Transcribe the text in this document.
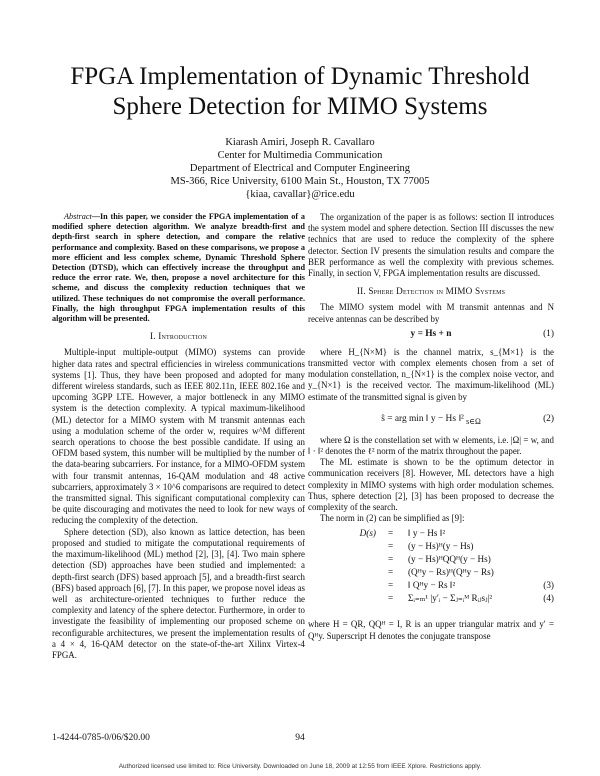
FPGA Implementation of Dynamic Threshold
Sphere Detection for MIMO Systems
Kiarash Amiri, Joseph R. Cavallaro
Center for Multimedia Communication
Department of Electrical and Computer Engineering
MS-366, Rice University, 6100 Main St., Houston, TX 77005
{kiaa, cavallar}@rice.edu

Abstract—In this paper, we consider the FPGA implementation of a modified sphere detection algorithm. We analyze breadth-first and depth-first search in sphere detection, and compare the relative performance and complexity. Based on these comparisons, we propose a more efficient and less complex scheme, Dynamic Threshold Sphere Detection (DTSD), which can effectively increase the throughput and reduce the error rate. We, then, propose a novel architecture for this scheme, and discuss the complexity reduction techniques that we utilized. These techniques do not compromise the overall performance. Finally, the high throughput FPGA implementation results of this algorithm will be presented.

I. Introduction

Multiple-input multiple-output (MIMO) systems can provide higher data rates and spectral efficiencies in wireless communications systems [1]. Thus, they have been proposed and adopted for many different wireless standards, such as IEEE 802.11n, IEEE 802.16e and upcoming 3GPP LTE. However, a major bottleneck in any MIMO system is the detection complexity. A typical maximum-likelihood (ML) detector for a MIMO system with M transmit antennas each using a modulation scheme of the order w, requires w^M different search operations to choose the best possible candidate. If using an OFDM based system, this number will be multiplied by the number of the data-bearing subcarriers. For instance, for a MIMO-OFDM system with four transmit antennas, 16-QAM modulation and 48 active subcarriers, approximately 3 × 10^6 comparisons are required to detect the transmitted signal. This significant computational complexity can be quite discouraging and motivates the need to look for new ways of reducing the complexity of the detection.

Sphere detection (SD), also known as lattice detection, has been proposed and studied to mitigate the computational requirements of the maximum-likelihood (ML) method [2], [3], [4]. Two main sphere detection (SD) approaches have been studied and implemented: a depth-first search (DFS) based approach [5], and a breadth-first search (BFS) based approach [6], [7]. In this paper, we propose novel ideas as well as architecture-oriented techniques to further reduce the complexity and latency of the sphere detector. Furthermore, in order to investigate the feasibility of implementing our proposed scheme on reconfigurable architectures, we present the implementation results of a 4 × 4, 16-QAM detector on the state-of-the-art Xilinx Virtex-4 FPGA.

The organization of the paper is as follows: section II introduces the system model and sphere detection. Section III discusses the new technics that are used to reduce the complexity of the sphere detector. Section IV presents the simulation results and compare the BER performance as well the complexity with previous schemes. Finally, in section V, FPGA implementation results are discussed.

II. Sphere Detection in MIMO Systems

The MIMO system model with M transmit antennas and N receive antennas can be described by

y = Hs + n	(1)

where H_{N×M} is the channel matrix, s_{M×1} is the transmitted vector with complex elements chosen from a set of modulation constellation, n_{N×1} is the complex noise vector, and y_{N×1} is the received vector. The maximum-likelihood (ML) estimate of the transmitted signal is given by

ŝ = arg min ‖ y − Hs ‖² $_{s\in\Omega}$	(2)

where Ω is the constellation set with w elements, i.e. |Ω| = w, and ‖ · ‖² denotes the ℓ² norm of the matrix throughout the paper.

The ML estimate is shown to be the optimum detector in communication receivers [8]. However, ML detectors have a high complexity in MIMO systems with high order modulation schemes. Thus, sphere detection [2], [3] has been proposed to decrease the complexity of the search.

The norm in (2) can be simplified as [9]:

D(s) = ‖ y − Hs ‖²
= (y − Hs)ᴴ(y − Hs)
= (y − Hs)ᴴQQᴴ(y − Hs)
= (Qᴴy − Rs)ᴴ(Qᴴy − Rs)
= ‖ Qᴴy − Rs ‖²	(3)
= Σᵢ₌ₘ¹ |y′ᵢ − Σⱼ₌ᵢᴹ Rᵢⱼsⱼ|²	(4)

where H = QR, QQᴴ = I, R is an upper triangular matrix and y′ = Qᴴy. Superscript H denotes the conjugate transpose

1-4244-0785-0/06/$20.00	94
Authorized licensed use limited to: Rice University. Downloaded on June 18, 2009 at 12:55 from IEEE Xplore. Restrictions apply.
